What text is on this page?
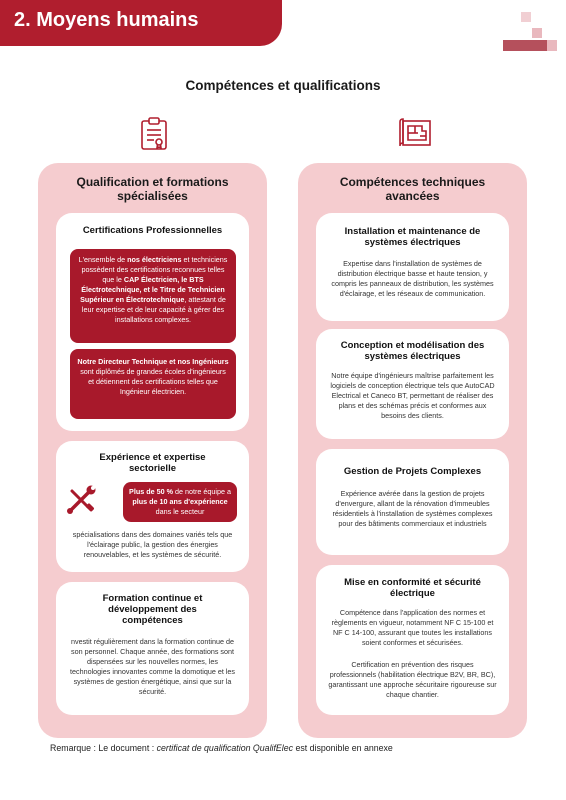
2. Moyens humains
Compétences et qualifications
Qualification et formations
spécialisées
Certifications Professionnelles
L'ensemble de nos électriciens et techniciens possèdent des certifications reconnues telles que le CAP Électricien, le BTS Électrotechnique, et le Titre de Technicien Supérieur en Électrotechnique, attestant de leur expertise et de leur capacité à gérer des installations complexes.
Notre Directeur Technique et nos Ingénieurs sont diplômés de grandes écoles d'ingénieurs et détiennent des certifications telles que Ingénieur électricien.
Expérience et expertise
sectorielle
Plus de 50 % de notre équipe a plus de 10 ans d'expérience dans le secteur
spécialisations dans des domaines variés tels que l'éclairage public, la gestion des énergies renouvelables, et les systèmes de sécurité.
Formation continue et
développement des
compétences
nvestit régulièrement dans la formation continue de son personnel. Chaque année, des formations sont dispensées sur les nouvelles normes, les technologies innovantes comme la domotique et les systèmes de gestion énergétique, ainsi que sur la sécurité.
Compétences techniques
avancées
Installation et maintenance de
systèmes électriques
Expertise dans l'installation de systèmes de distribution électrique basse et haute tension, y compris les panneaux de distribution, les systèmes d'éclairage, et les réseaux de communication.
Conception et modélisation des
systèmes électriques
Notre équipe d'ingénieurs maîtrise parfaitement les logiciels de conception électrique tels que AutoCAD Electrical et Caneco BT, permettant de réaliser des plans et des schémas précis et conformes aux besoins des clients.
Gestion de Projets Complexes
Expérience avérée dans la gestion de projets d'envergure, allant de la rénovation d'immeubles résidentiels à l'installation de systèmes complexes pour des bâtiments commerciaux et industriels
Mise en conformité et sécurité
électrique
Compétence dans l'application des normes et règlements en vigueur, notamment NF C 15-100 et NF C 14-100, assurant que toutes les installations soient conformes et sécurisées.
Certification en prévention des risques professionnels (habilitation électrique B2V, BR, BC), garantissant une approche sécuritaire rigoureuse sur chaque chantier.
Remarque : Le document : certificat de qualification QualifElec est disponible en annexe
